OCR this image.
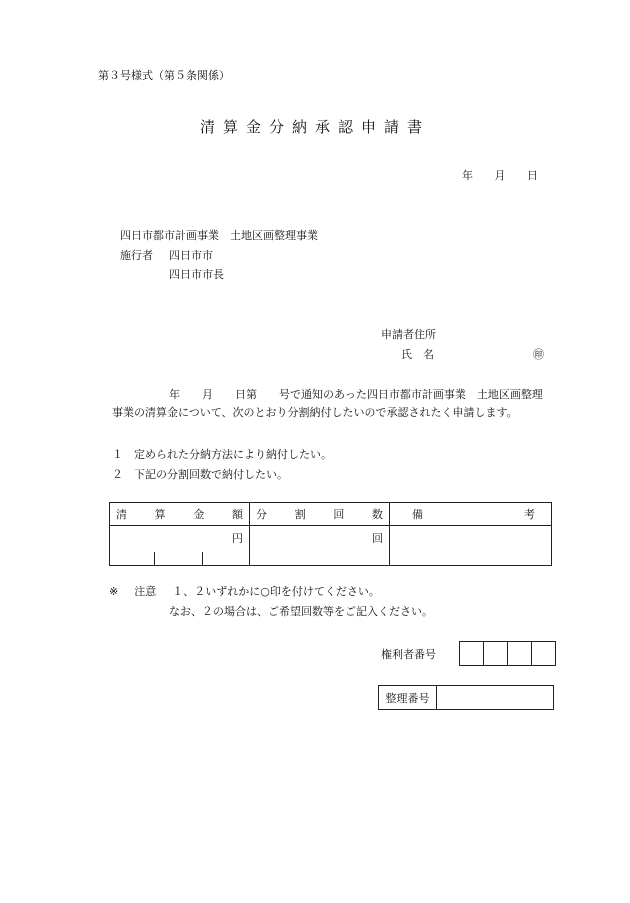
第３号様式（第５条関係）
清算金分納承認申請書
年 月 日
四日市都市計画事業　土地区画整理事業
施行者 四日市市
四日市市長
申請者住所
氏　名	㊞
年 月 日第 号で通知のあった四日市都市計画事業　土地区画整理
事業の清算金について、次のとおり分割納付したいので承認されたく申請します。
１　定められた分納方法により納付したい。
２　下記の分割回数で納付したい。
清 算 金 額	分 割 回 数	備 考

円	回	

※ 注意 １、２いずれかに○印を付けてください。
なお、２の場合は、ご希望回数等をご記入ください。
権利者番号
整理番号
